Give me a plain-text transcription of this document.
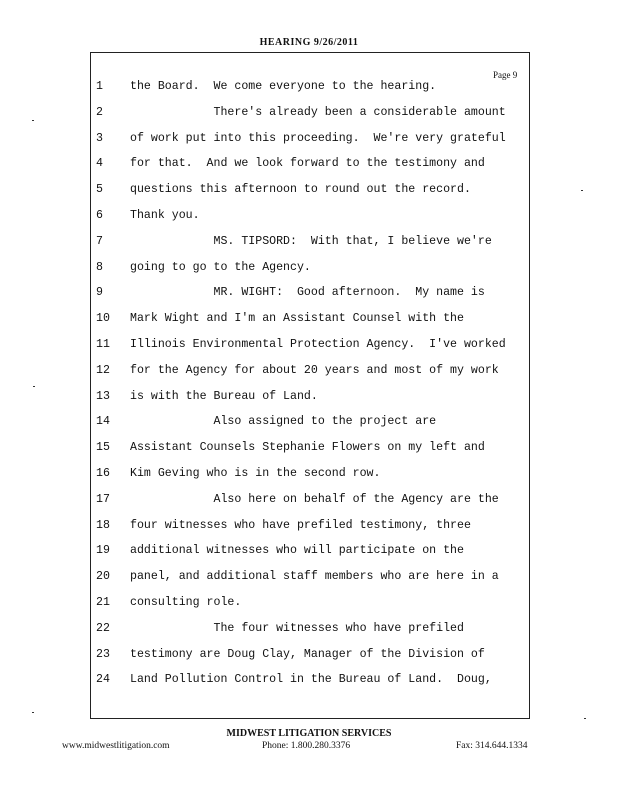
HEARING 9/26/2011
Page 9
1 the Board.  We come everyone to the hearing.
2            There's already been a considerable amount
3 of work put into this proceeding.  We're very grateful
4 for that.  And we look forward to the testimony and
5 questions this afternoon to round out the record.
6 Thank you.
7            MS. TIPSORD:  With that, I believe we're
8 going to go to the Agency.
9            MR. WIGHT:  Good afternoon.  My name is
10 Mark Wight and I'm an Assistant Counsel with the
11 Illinois Environmental Protection Agency.  I've worked
12 for the Agency for about 20 years and most of my work
13 is with the Bureau of Land.
14            Also assigned to the project are
15 Assistant Counsels Stephanie Flowers on my left and
16 Kim Geving who is in the second row.
17            Also here on behalf of the Agency are the
18 four witnesses who have prefiled testimony, three
19 additional witnesses who will participate on the
20 panel, and additional staff members who are here in a
21 consulting role.
22            The four witnesses who have prefiled
23 testimony are Doug Clay, Manager of the Division of
24 Land Pollution Control in the Bureau of Land.  Doug,
MIDWEST LITIGATION SERVICES
www.midwestlitigation.com	Phone: 1.800.280.3376	Fax: 314.644.1334
